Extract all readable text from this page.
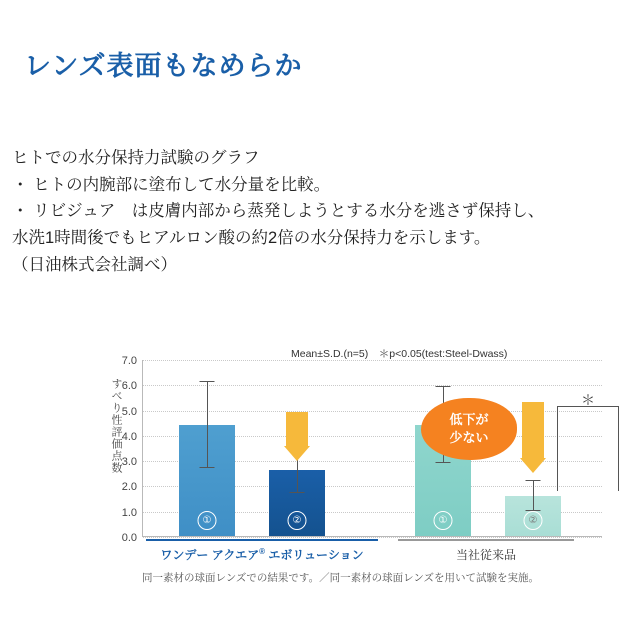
レンズ表面もなめらか
ヒトでの水分保持力試験のグラフ
・ ヒトの内腕部に塗布して水分量を比較。
・ リビジュア　は皮膚内部から蒸発しようとする水分を逃さず保持し、
水洗1時間後でもヒアルロン酸の約2倍の水分保持力を示します。
（日油株式会社調べ）
Mean±S.D.(n=5)　＊p<0.05(test:Steel-Dwass)
すべり性評価点数
7.0
6.0
5.0
4.0
3.0
2.0
1.0
0.0
①	②	①	②
低下が
少ない
＊
ワンデー アクエア® エボリューション	当社従来品
同一素材の球面レンズでの結果です。／同一素材の球面レンズを用いて試験を実施。
